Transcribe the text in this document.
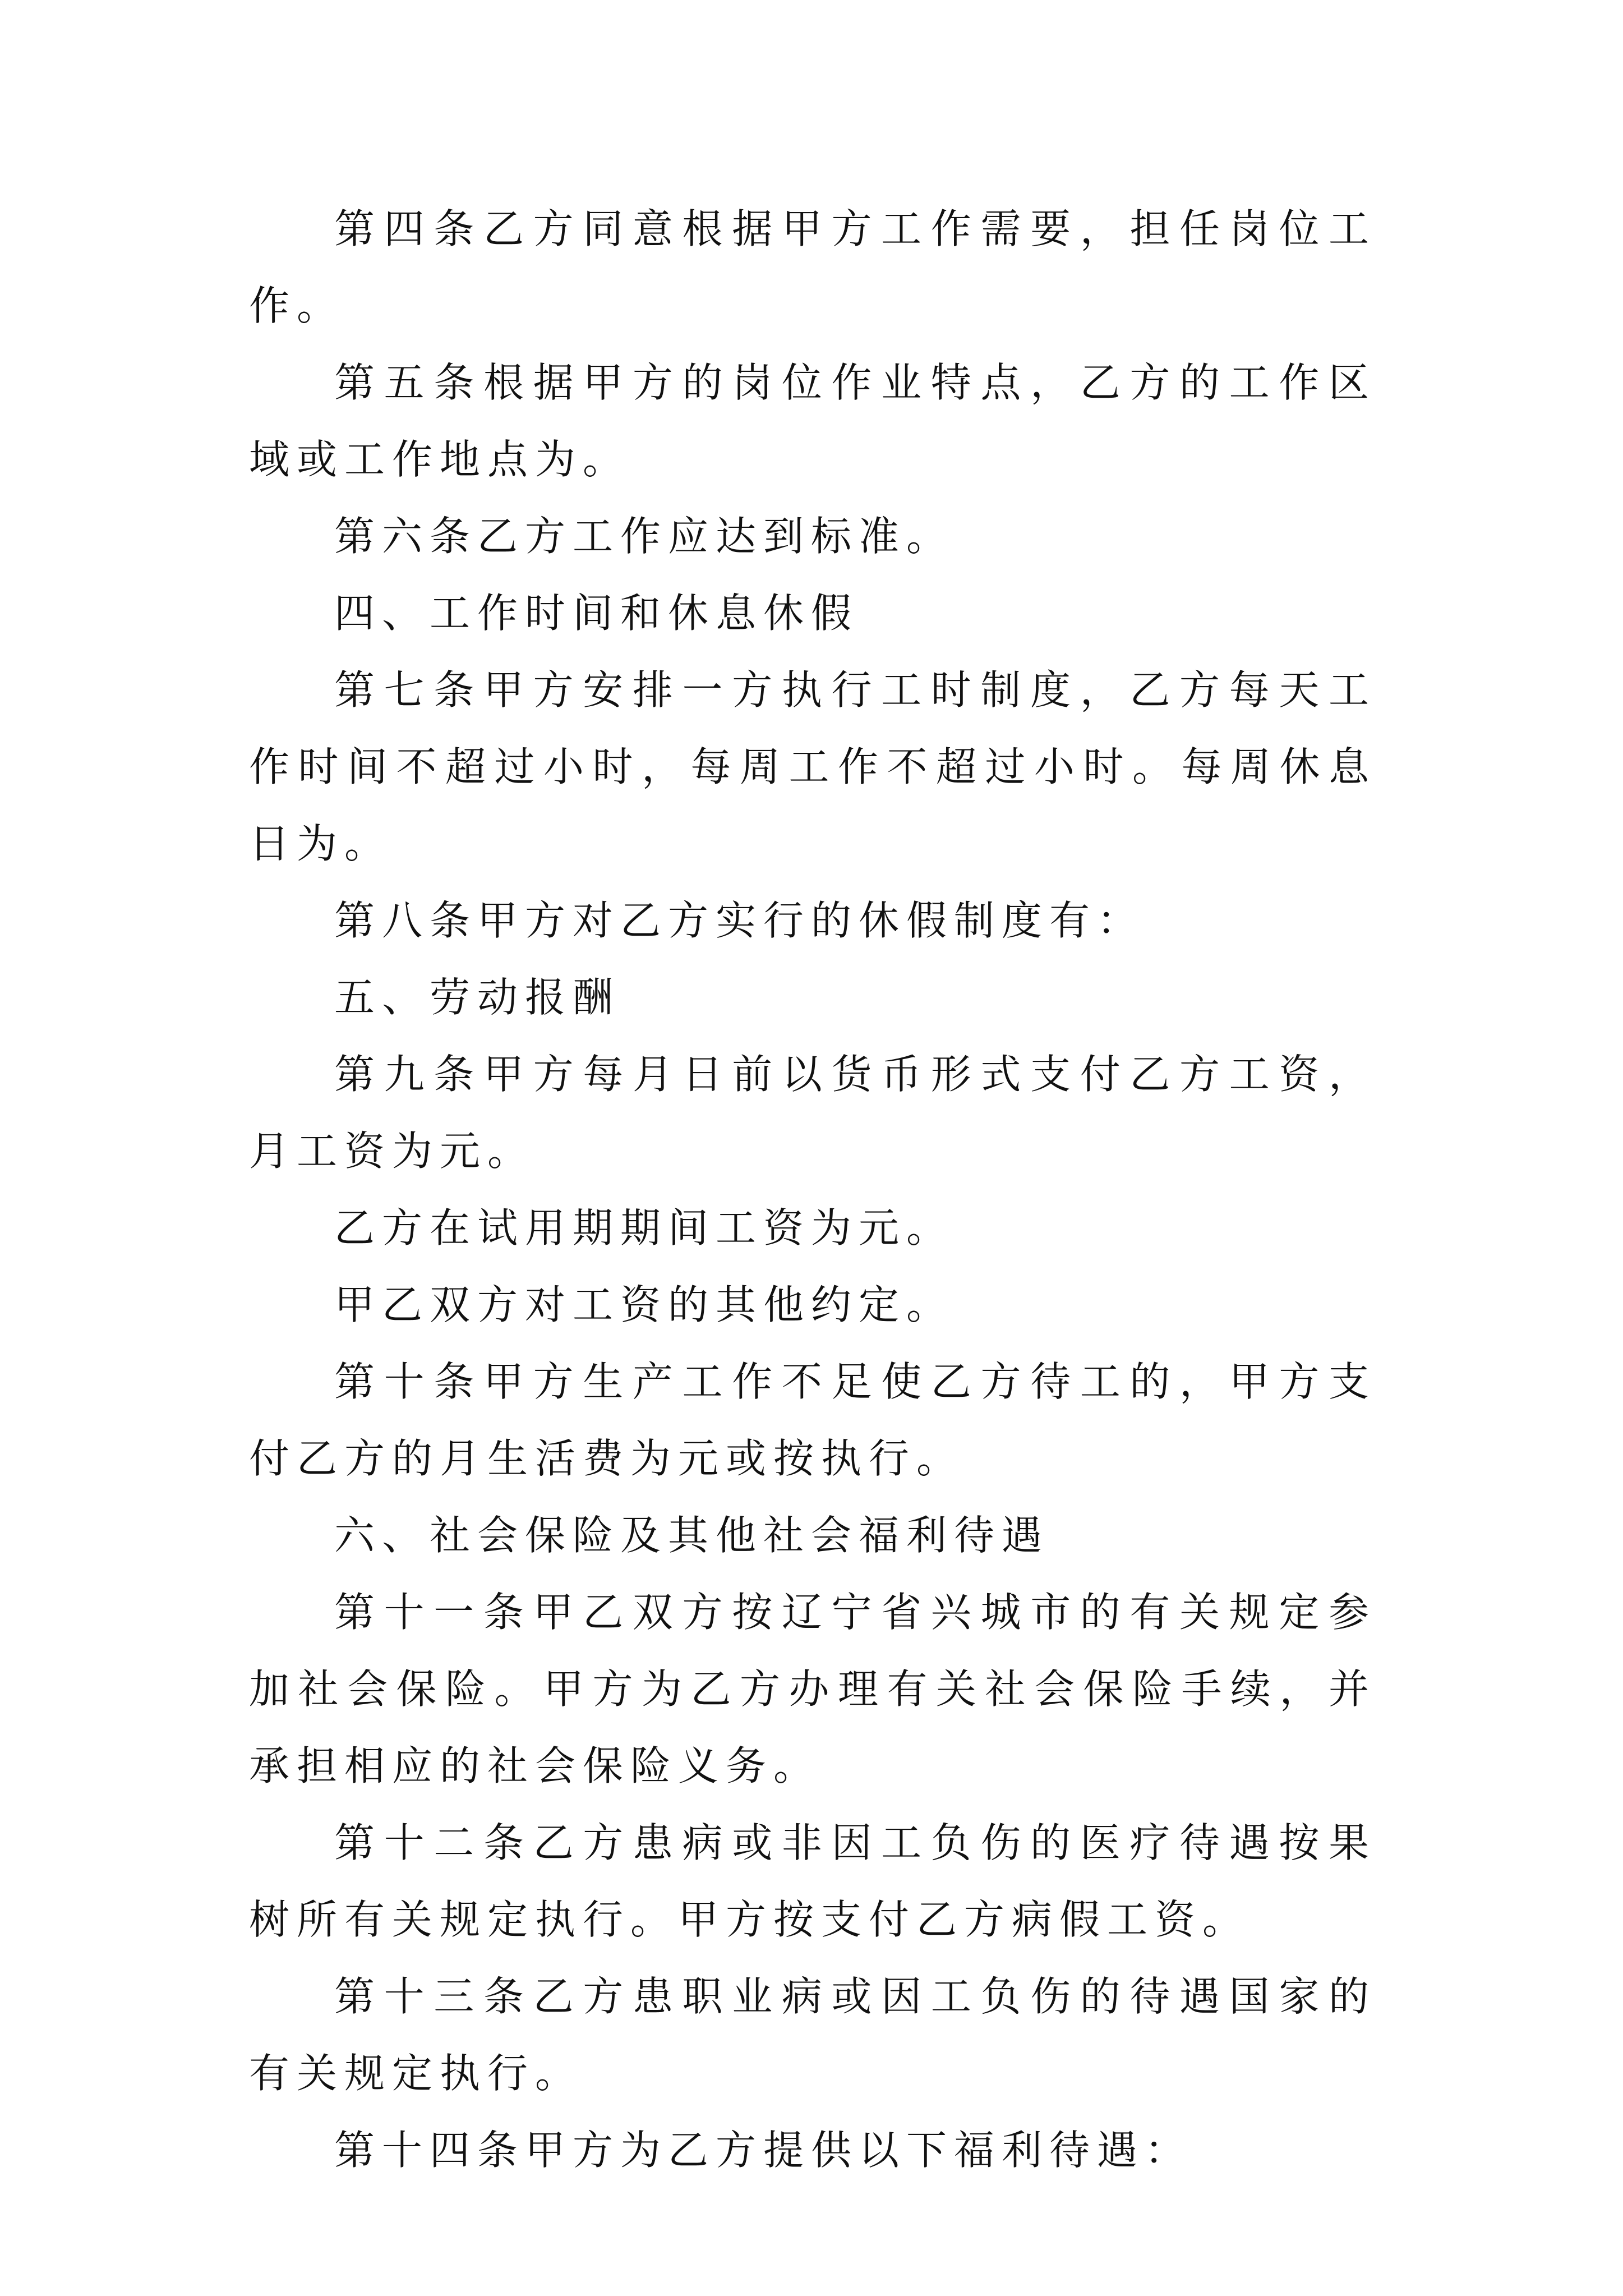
第四条乙方同意根据甲方工作需要，担任岗位工作。

第五条根据甲方的岗位作业特点，乙方的工作区域或工作地点为。

第六条乙方工作应达到标准。

四、工作时间和休息休假

第七条甲方安排一方执行工时制度，乙方每天工作时间不超过小时，每周工作不超过小时。每周休息日为。

第八条甲方对乙方实行的休假制度有：

五、劳动报酬

第九条甲方每月日前以货币形式支付乙方工资，月工资为元。

乙方在试用期期间工资为元。

甲乙双方对工资的其他约定。

第十条甲方生产工作不足使乙方待工的，甲方支付乙方的月生活费为元或按执行。

六、社会保险及其他社会福利待遇

第十一条甲乙双方按辽宁省兴城市的有关规定参加社会保险。甲方为乙方办理有关社会保险手续，并承担相应的社会保险义务。

第十二条乙方患病或非因工负伤的医疗待遇按果树所有关规定执行。甲方按支付乙方病假工资。

第十三条乙方患职业病或因工负伤的待遇国家的有关规定执行。

第十四条甲方为乙方提供以下福利待遇：
